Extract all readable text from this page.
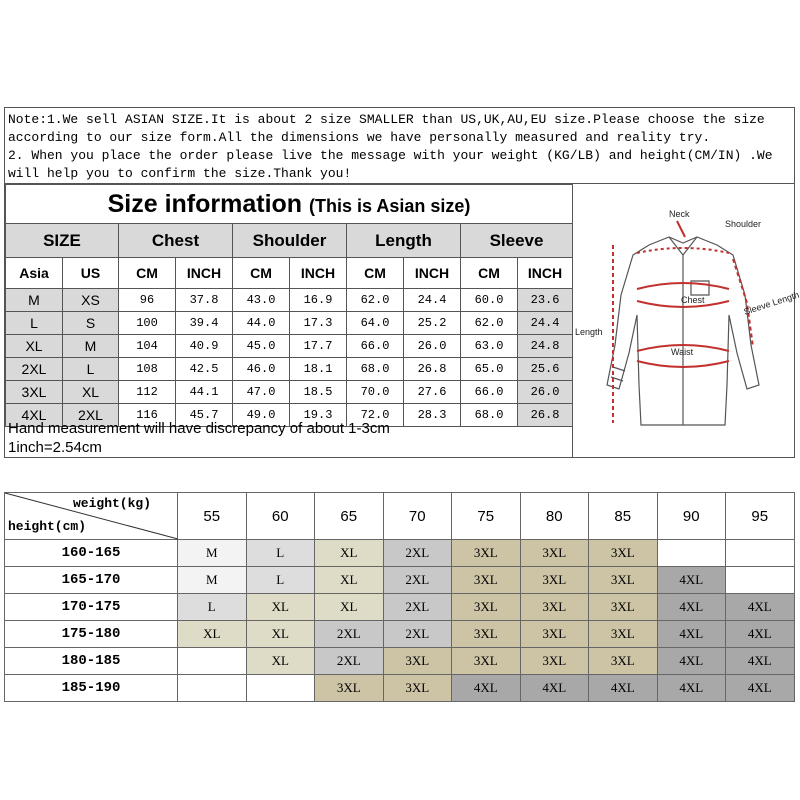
Note:1.We sell ASIAN SIZE.It is about 2 size SMALLER than US,UK,AU,EU size.Please choose the size
according to our size form.All the dimensions we have personally measured and reality try.
2. When you place the order please live the message with your weight (KG/LB) and height(CM/IN) .We
will help you to confirm the size.Thank you!
Size information (This is Asian size)									
SIZE		Chest		Shoulder		Length		Sleeve	
Asia	US	CM	INCH	CM	INCH	CM	INCH	CM	INCH
M	XS	96	37.8	43.0	16.9	62.0	24.4	60.0	23.6
L	S	100	39.4	44.0	17.3	64.0	25.2	62.0	24.4
XL	M	104	40.9	45.0	17.7	66.0	26.0	63.0	24.8
2XL	L	108	42.5	46.0	18.1	68.0	26.8	65.0	25.6
3XL	XL	112	44.1	47.0	18.5	70.0	27.6	66.0	26.0
4XL	2XL	116	45.7	49.0	19.3	72.0	28.3	68.0	26.8
Hand measurement will have discrepancy of about 1-3cm
1inch=2.54cm
Neck
Shoulder
Chest
Length
Waist
Sleeve Length
weight(kg)
height(cm)	55	60	65	70	75	80	85	90	95
160-165	M	L	XL	2XL	3XL	3XL	3XL		
165-170	M	L	XL	2XL	3XL	3XL	3XL	4XL	
170-175	L	XL	XL	2XL	3XL	3XL	3XL	4XL	4XL
175-180	XL	XL	2XL	2XL	3XL	3XL	3XL	4XL	4XL
180-185		XL	2XL	3XL	3XL	3XL	3XL	4XL	4XL
185-190			3XL	3XL	4XL	4XL	4XL	4XL	4XL
